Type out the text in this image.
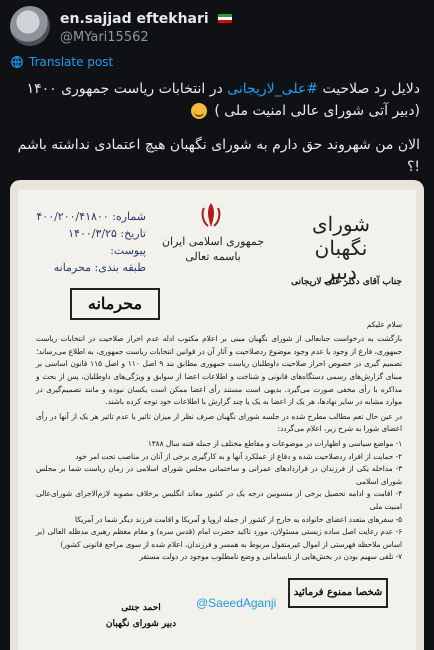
en.sajjad eftekhari
@MYari15562
Translate post

دلایل رد صلاحیت #علی_لاریجانی در انتخابات ریاست جمهوری ۱۴۰۰ (دبیر آتی شورای عالی امنیت ملی )

الان من شهروند حق دارم به شورای نگهبان هیچ اعتمادی نداشته باشم !؟

شماره: ۴۰۰/۲۰۰/۴۱۸۰۰
تاریخ: ۱۴۰۰/۳/۲۵
پیوست:
طبقه بندی: محرمانه
جمهوری اسلامی ایران
باسمه تعالی
شورای نگهبان
دبیر
محرمانه
جناب آقای دکتر علی لاریجانی

سلام علیکم

بازگشت به درخواست جنابعالی از شورای نگهبان مبنی بر اعلام مکتوب ادله عدم احراز صلاحیت در انتخابات ریاست جمهوری، فارغ از وجود یا عدم وجود موضوع ردصلاحیت و آثار آن در قوانین انتخابات ریاست جمهوری، به اطلاع می‌رساند؛ تصمیم گیری در خصوص احراز صلاحیت داوطلبان ریاست جمهوری مطابق بند ۹ اصل ۱۱۰ و اصل ۱۱۵ قانون اساسی بر مبنای گزارش‌های رسمی دستگاه‌های قانونی و شناخت و اطلاعات اعضا از سوابق و ویژگی‌های داوطلبان، پس از بحث و مذاکره با رأی مخفی صورت می‌گیرد. بدیهی است مستند رأی اعضا ممکن است یکسان نبوده و مانند تصمیم‌گیری در موارد مشابه در سایر نهادها، هر یک از اعضا به یک یا چند گزارش یا اطلاعات خود توجه کرده باشند.

در عین حال تعم مطالب مطرح شده در جلسه شورای نگهبان صرف نظر از میزان تاثیر یا عدم تاثیر هر یک از آنها در رأی اعضای شورا به شرح زیر، اعلام می‌گردد:

۱- مواضع سیاسی و اظهارات در موضوعات و مقاطع مختلف از جمله فتنه سال ۱۳۸۸

۲- حمایت از افراد ردصلاحیت شده و دفاع از عملکرد آنها و به کارگیری برخی از آنان در مناصب تحت امر خود

۳- مداخله یکی از فرزندان در قراردادهای عمرانی و ساختمانی مجلس شورای اسلامی در زمان ریاست شما بر مجلس شورای اسلامی

۴- اقامت و ادامه تحصیل برخی از منسوبین درجه یک در کشور معاند انگلیس برخلاف مصوبه لازم‌الاجرای شورای‌عالی امنیت ملی

۵- سفرهای متعدد اعضای خانواده به خارج از کشور از جمله اروپا و آمریکا و اقامت فرزند دیگر شما در آمریکا

۶- عدم رعایت اصل ساده زیستی مسئولان، مورد تاکید حضرت امام (قدس سره) و مقام معظم رهبری مدظله العالی (بر اساس ملاحظه فهرستی از اموال غیرمنقول مربوط به همسر و فرزندان، اعلام شده از سوی مراجع قانونی کشور)

۷- تلقی سهیم بودن در بخش‌هایی از نابسامانی و وضع نامطلوب موجود در دولت مستقر

احمد جنتی
دبیر شورای نگهبان
@SaeedAganji
شخصا ممنوع فرمائید
